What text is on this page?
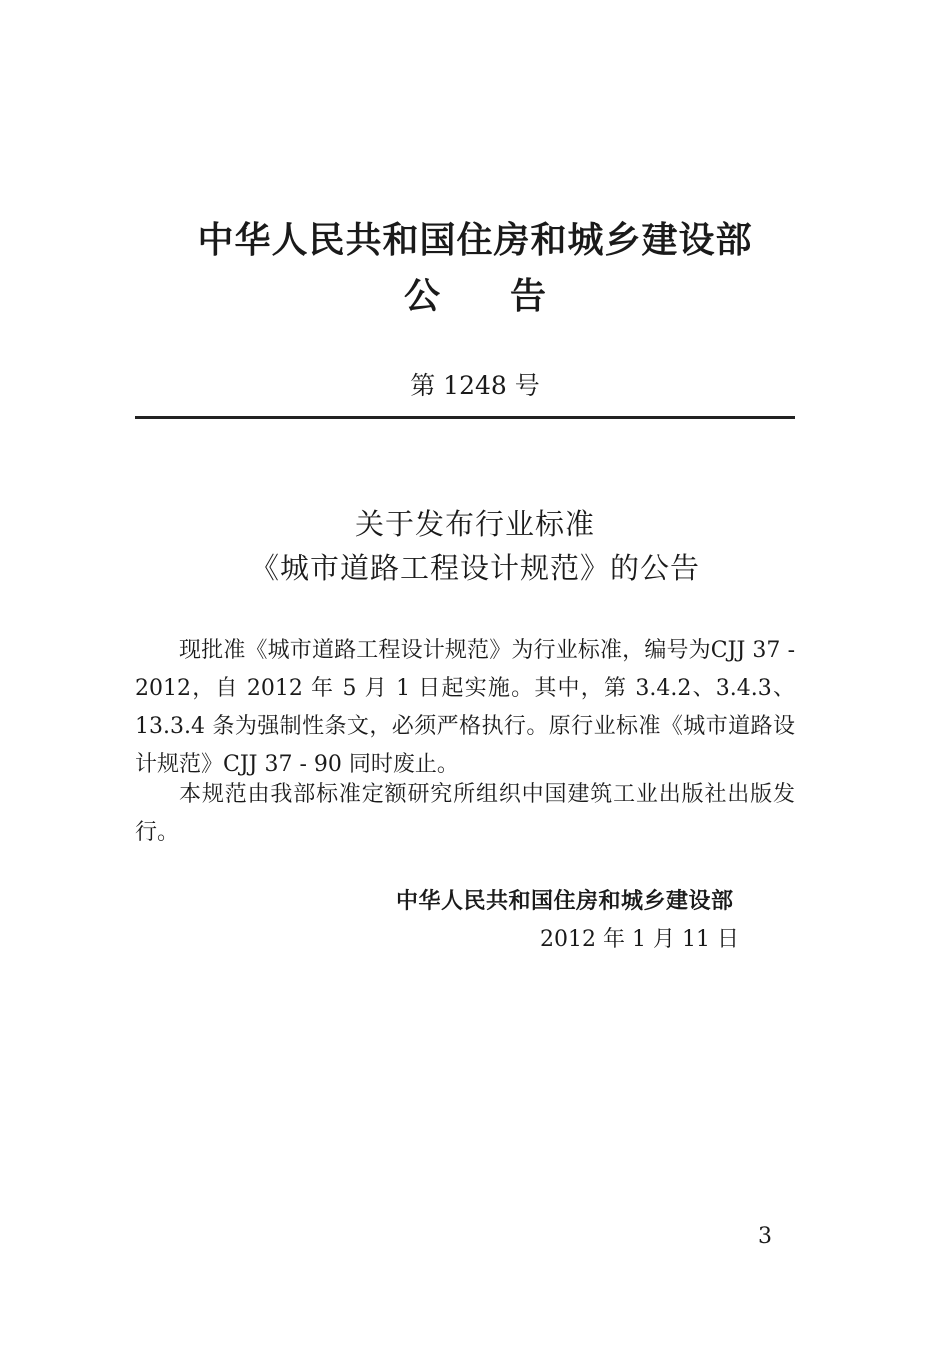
中华人民共和国住房和城乡建设部
公告
第 1248 号
关于发布行业标准
《城市道路工程设计规范》的公告

现批准《城市道路工程设计规范》为行业标准，编号为CJJ 37 - 2012，自 2012 年 5 月 1 日起实施。其中，第 3.4.2、3.4.3、13.3.4 条为强制性条文，必须严格执行。原行业标准《城市道路设计规范》CJJ 37 - 90 同时废止。

本规范由我部标准定额研究所组织中国建筑工业出版社出版发行。

中华人民共和国住房和城乡建设部
2012 年 1 月 11 日
3
